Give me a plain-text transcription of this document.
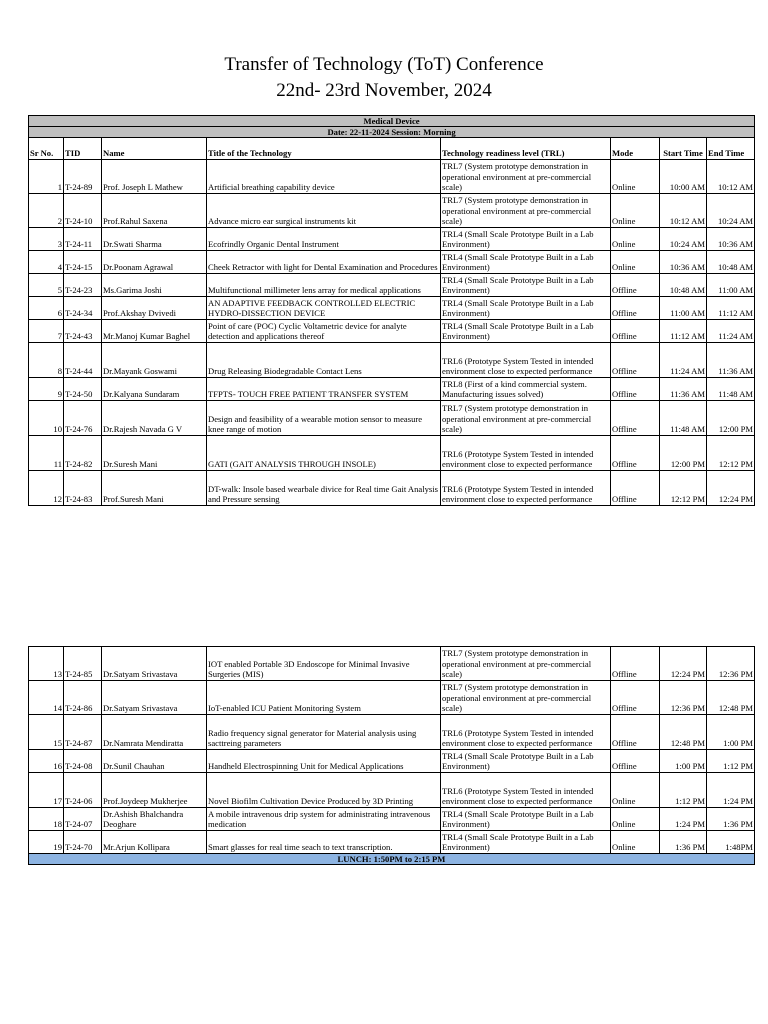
Transfer of Technology (ToT) Conference
22nd- 23rd November, 2024
Medical Device							
Date: 22-11-2024 Session: Morning							
Sr No.	TID	Name	Title of the Technology	Technology readiness level (TRL)	Mode	Start Time	End Time
1	T-24-89	Prof. Joseph L Mathew	Artificial breathing capability device	TRL7 (System prototype demonstration in operational environment at pre-commercial scale)	Online	10:00 AM	10:12 AM
2	T-24-10	Prof.Rahul Saxena	Advance micro ear surgical instruments kit	TRL7 (System prototype demonstration in operational environment at pre-commercial scale)	Online	10:12 AM	10:24 AM
3	T-24-11	Dr.Swati Sharma	Ecofrindly Organic Dental Instrument	TRL4 (Small Scale Prototype Built in a Lab Environment)	Online	10:24 AM	10:36 AM
4	T-24-15	Dr.Poonam Agrawal	Cheek Retractor with light for Dental Examination and Procedures	TRL4 (Small Scale Prototype Built in a Lab Environment)	Online	10:36 AM	10:48 AM
5	T-24-23	Ms.Garima Joshi	Multifunctional millimeter lens array for medical applications	TRL4 (Small Scale Prototype Built in a Lab Environment)	Offline	10:48 AM	11:00 AM
6	T-24-34	Prof.Akshay Dvivedi	AN ADAPTIVE FEEDBACK CONTROLLED ELECTRIC HYDRO-DISSECTION DEVICE	TRL4 (Small Scale Prototype Built in a Lab Environment)	Offline	11:00 AM	11:12 AM
7	T-24-43	Mr.Manoj Kumar Baghel	Point of care (POC) Cyclic Voltametric device for analyte detection and applications thereof	TRL4 (Small Scale Prototype Built in a Lab Environment)	Offline	11:12 AM	11:24 AM
8	T-24-44	Dr.Mayank Goswami	Drug Releasing Biodegradable Contact Lens	TRL6 (Prototype System Tested in intended environment close to expected performance	Offline	11:24 AM	11:36 AM
9	T-24-50	Dr.Kalyana Sundaram	TFPTS- TOUCH FREE PATIENT TRANSFER SYSTEM	TRL8 (First of a kind commercial system. Manufacturing issues solved)	Offline	11:36 AM	11:48 AM
10	T-24-76	Dr.Rajesh Navada G V	Design and feasibility of a wearable motion sensor to measure knee range of motion	TRL7 (System prototype demonstration in operational environment at pre-commercial scale)	Offline	11:48 AM	12:00 PM
11	T-24-82	Dr.Suresh Mani	GATI (GAIT ANALYSIS THROUGH INSOLE)	TRL6 (Prototype System Tested in intended environment close to expected performance	Offline	12:00 PM	12:12 PM
12	T-24-83	Prof.Suresh Mani	DT-walk: Insole based wearbale divice for Real time Gait Analysis and Pressure sensing	TRL6 (Prototype System Tested in intended environment close to expected performance	Offline	12:12 PM	12:24 PM
13	T-24-85	Dr.Satyam Srivastava	IOT enabled Portable 3D Endoscope for Minimal Invasive Surgeries (MIS)	TRL7 (System prototype demonstration in operational environment at pre-commercial scale)	Offline	12:24 PM	12:36 PM
14	T-24-86	Dr.Satyam Srivastava	IoT-enabled ICU Patient Monitoring System	TRL7 (System prototype demonstration in operational environment at pre-commercial scale)	Offline	12:36 PM	12:48 PM
15	T-24-87	Dr.Namrata Mendiratta	Radio frequency signal generator for Material analysis using sacttreing parameters	TRL6 (Prototype System Tested in intended environment close to expected performance	Offline	12:48 PM	1:00 PM
16	T-24-08	Dr.Sunil Chauhan	Handheld Electrospinning Unit for Medical Applications	TRL4 (Small Scale Prototype Built in a Lab Environment)	Offline	1:00 PM	1:12 PM
17	T-24-06	Prof.Joydeep Mukherjee	Novel Biofilm Cultivation Device Produced by 3D Printing	TRL6 (Prototype System Tested in intended environment close to expected performance	Online	1:12 PM	1:24 PM
18	T-24-07	Dr.Ashish Bhalchandra Deoghare	A mobile intravenous drip system for administrating intravenous medication	TRL4 (Small Scale Prototype Built in a Lab Environment)	Online	1:24 PM	1:36 PM
19	T-24-70	Mr.Arjun Kollipara	Smart glasses for real time seach to text transcription.	TRL4 (Small Scale Prototype Built in a Lab Environment)	Online	1:36 PM	1:48PM
LUNCH: 1:50PM to 2:15 PM							
